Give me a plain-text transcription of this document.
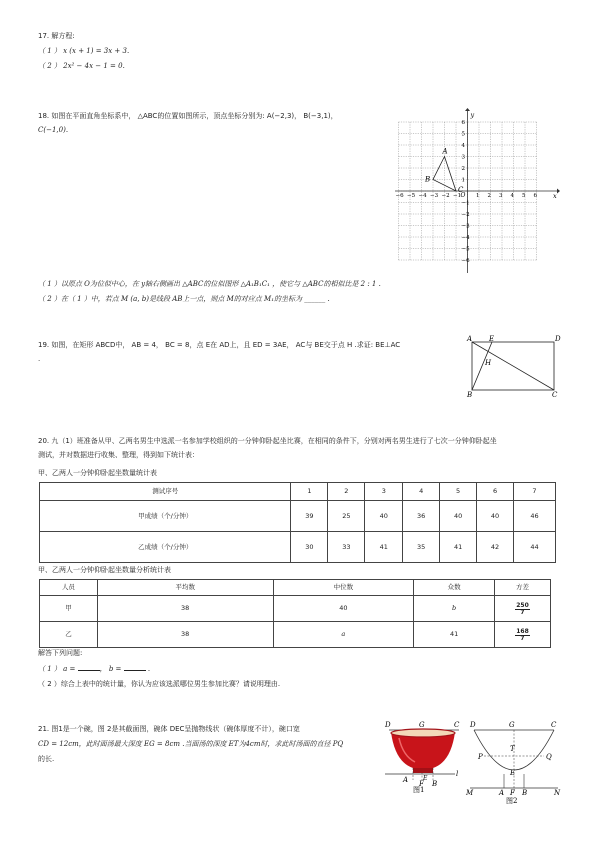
17. 解方程:
（ 1 ） x (x + 1) = 3x + 3.
（ 2 ） 2x² − 4x − 1 = 0.
18. 如图在平面直角坐标系中， △ABC的位置如图所示，顶点坐标分别为: A(−2,3)， B(−3,1)，
C(−1,0).
−6 −5 −4 −3 −2 −1	1 2 3 4 5 6
6
5
4
3
2
1
−1
−2
−3
−4
−5
−6
x
y
O
A
B
C
（ 1 ）以原点 O为位似中心，在 y轴右侧画出 △ABC的位似图形 △A₁B₁C₁ ，使它与 △ABC的相似比是 2 : 1 .
（ 2 ）在（ 1 ）中，若点 M (a, b)是线段 AB上一点，则点 M的对应点 M₁的坐标为 ______ .
19. 如图，在矩形 ABCD中， AB = 4， BC = 8，点 E在 AD上，且 ED = 3AE， AC与 BE交于点 H .求证: BE⊥AC
.
A E	D
H
B	C
20. 九（1）班准备从甲、乙两名男生中选派一名参加学校组织的一分钟仰卧起坐比赛，在相同的条件下，分别对两名男生进行了七次一分钟仰卧起坐
测试，并对数据进行收集、整理，得到如下统计表：
甲、乙两人一分钟仰卧起坐数量统计表
测试序号	1	2	3	4	5	6	7
甲成绩（个/分钟）	39	25	40	36	40	40	46
乙成绩（个/分钟）	30	33	41	35	41	42	44
甲、乙两人一分钟仰卧起坐数量分析统计表
人员	平均数	中位数	众数	方差
甲	38	40	b	$\frac{250}{7}$

乙	38	a	41	$\frac{168}{7}$
解答下列问题:
（ 1 ） a =	， b =	.
（ 2 ）综合上表中的统计量，你认为应该选派哪位男生参加比赛？请说明理由.
21. 图1是一个碗，图 2是其截面图，碗体 DEC呈抛物线状（碗体厚度不计），碗口宽
CD = 12cm，此时面汤最大深度 EG = 8cm .当面汤的深度 ET为4cm时，求此时汤面的直径 PQ
的长.
D	G	C
l
E
A F B
图1
D	G	C
P
T
Q
E
M	A F B	N
图2
